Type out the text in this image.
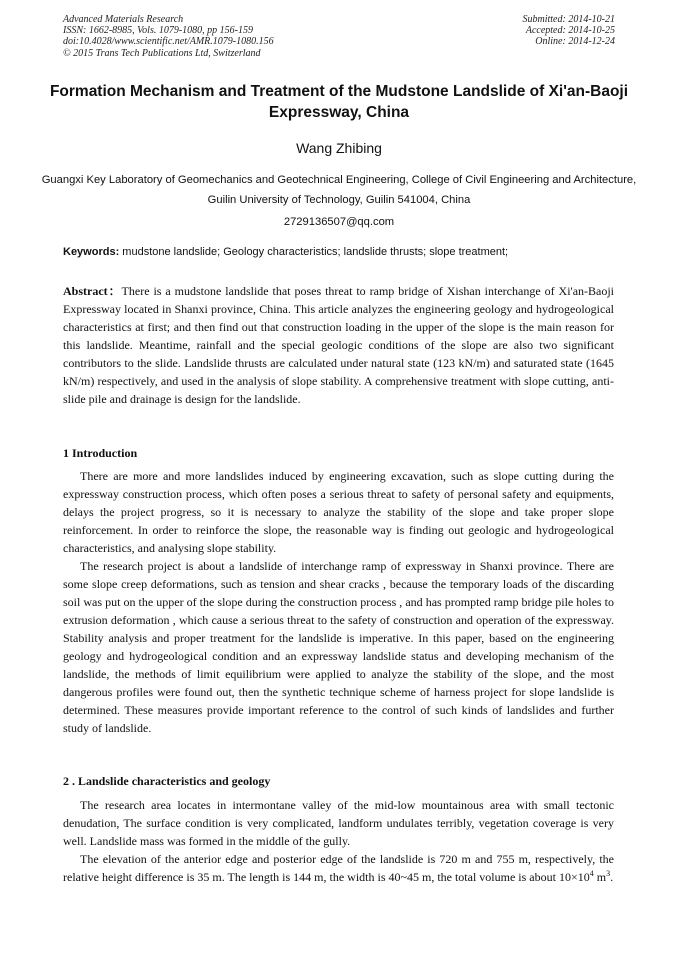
Advanced Materials Research
ISSN: 1662-8985, Vols. 1079-1080, pp 156-159
doi:10.4028/www.scientific.net/AMR.1079-1080.156
© 2015 Trans Tech Publications Ltd, Switzerland
Submitted: 2014-10-21
Accepted: 2014-10-25
Online: 2014-12-24
Formation Mechanism and Treatment of the Mudstone Landslide of Xi'an-Baoji Expressway, China
Wang Zhibing
Guangxi Key Laboratory of Geomechanics and Geotechnical Engineering, College of Civil Engineering and Architecture, Guilin University of Technology, Guilin 541004, China
2729136507@qq.com
Keywords: mudstone landslide; Geology characteristics; landslide thrusts; slope treatment;

Abstract：There is a mudstone landslide that poses threat to ramp bridge of Xishan interchange of Xi'an-Baoji Expressway located in Shanxi province, China. This article analyzes the engineering geology and hydrogeological characteristics at first; and then find out that construction loading in the upper of the slope is the main reason for this landslide. Meantime, rainfall and the special geologic conditions of the slope are also two significant contributors to the slide. Landslide thrusts are calculated under natural state (123 kN/m) and saturated state (1645 kN/m) respectively, and used in the analysis of slope stability. A comprehensive treatment with slope cutting, anti-slide pile and drainage is design for the landslide.

1 Introduction

There are more and more landslides induced by engineering excavation, such as slope cutting during the expressway construction process, which often poses a serious threat to safety of personal safety and equipments, delays the project progress, so it is necessary to analyze the stability of the slope and take proper slope reinforcement. In order to reinforce the slope, the reasonable way is finding out geologic and hydrogeological characteristics, and analysing slope stability.

The research project is about a landslide of interchange ramp of expressway in Shanxi province. There are some slope creep deformations, such as tension and shear cracks , because the temporary loads of the discarding soil was put on the upper of the slope during the construction process , and has prompted ramp bridge pile holes to extrusion deformation , which cause a serious threat to the safety of construction and operation of the expressway. Stability analysis and proper treatment for the landslide is imperative. In this paper, based on the engineering geology and hydrogeological condition and an expressway landslide status and developing mechanism of the landslide, the methods of limit equilibrium were applied to analyze the stability of the slope, and the most dangerous profiles were found out, then the synthetic technique scheme of harness project for slope landslide is determined. These measures provide important reference to the control of such kinds of landslides and further study of landslide.

2 . Landslide characteristics and geology

The research area locates in intermontane valley of the mid-low mountainous area with small tectonic denudation, The surface condition is very complicated, landform undulates terribly, vegetation coverage is very well. Landslide mass was formed in the middle of the gully.

The elevation of the anterior edge and posterior edge of the landslide is 720 m and 755 m, respectively, the relative height difference is 35 m. The length is 144 m, the width is 40~45 m, the total volume is about $10\times 10^4$ $m^3$.
